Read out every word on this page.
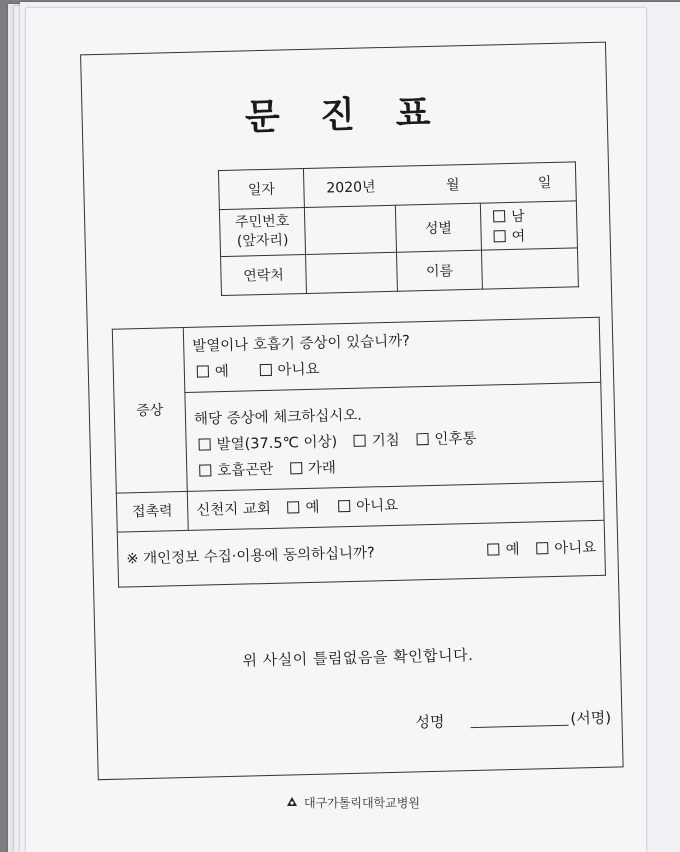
문 진 표
일자	2020년 월 일		

주민번호
(앞자리)		성별	남 여
연락처		이름	
증상	발열이나 호흡기 증상이 있습니까?
예 아니요

	해당 증상에 체크하십시오.
발열(37.5℃ 이상) 기침 인후통
호흡곤란 가래

접촉력	신천지 교회 예 아니요
※ 개인정보 수집·이용에 동의하십니까? 예 아니요	
위 사실이 틀림없음을 확인합니다.
성명	(서명)
대구가톨릭대학교병원
